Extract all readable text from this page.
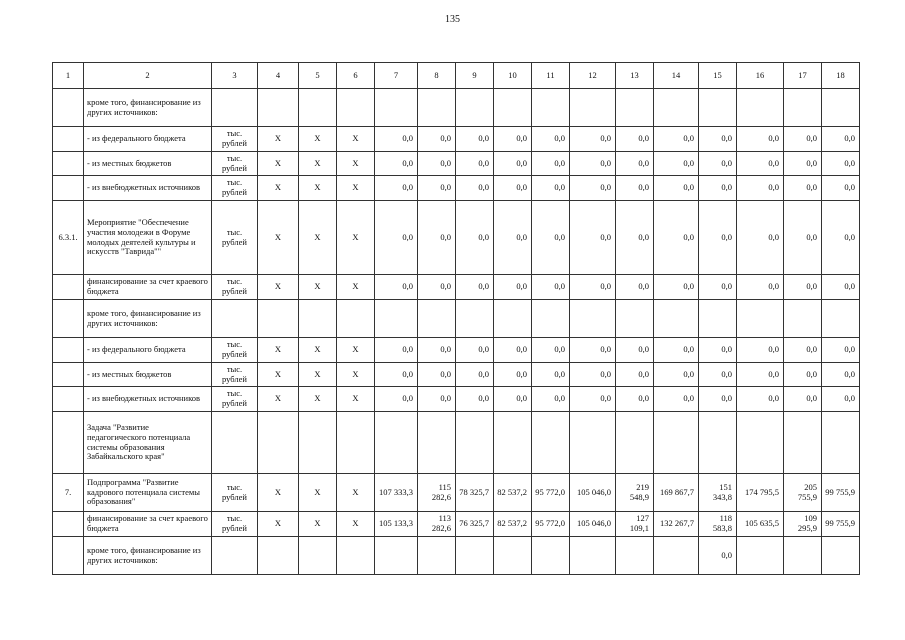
135
1	2	3	4	5	6	7	8	9	10	11	12	13	14	15	16	17	18
	кроме того, финансирование из других источников:																
	- из федерального бюджета	тыс. рублей	X	X	X	0,0	0,0	0,0	0,0	0,0	0,0	0,0	0,0	0,0	0,0	0,0	0,0
	- из местных бюджетов	тыс. рублей	X	X	X	0,0	0,0	0,0	0,0	0,0	0,0	0,0	0,0	0,0	0,0	0,0	0,0
	- из внебюджетных источников	тыс. рублей	X	X	X	0,0	0,0	0,0	0,0	0,0	0,0	0,0	0,0	0,0	0,0	0,0	0,0
6.3.1.	Мероприятие "Обеспечение участия молодежи в Форуме молодых деятелей культуры и искусств "Таврида""	тыс. рублей	X	X	X	0,0	0,0	0,0	0,0	0,0	0,0	0,0	0,0	0,0	0,0	0,0	0,0
	финансирование за счет краевого бюджета	тыс. рублей	X	X	X	0,0	0,0	0,0	0,0	0,0	0,0	0,0	0,0	0,0	0,0	0,0	0,0
	кроме того, финансирование из других источников:																
	- из федерального бюджета	тыс. рублей	X	X	X	0,0	0,0	0,0	0,0	0,0	0,0	0,0	0,0	0,0	0,0	0,0	0,0
	- из местных бюджетов	тыс. рублей	X	X	X	0,0	0,0	0,0	0,0	0,0	0,0	0,0	0,0	0,0	0,0	0,0	0,0
	- из внебюджетных источников	тыс. рублей	X	X	X	0,0	0,0	0,0	0,0	0,0	0,0	0,0	0,0	0,0	0,0	0,0	0,0
	Задача "Развитие педагогического потенциала системы образования Забайкальского края"																
7.	Подпрограмма "Развитие кадрового потенциала системы образования"	тыс. рублей	X	X	X	107 333,3	115 282,6	78 325,7	82 537,2	95 772,0	105 046,0	219 548,9	169 867,7	151 343,8	174 795,5	205 755,9	99 755,9
	финансирование за счет краевого бюджета	тыс. рублей	X	X	X	105 133,3	113 282,6	76 325,7	82 537,2	95 772,0	105 046,0	127 109,1	132 267,7	118 583,8	105 635,5	109 295,9	99 755,9
	кроме того, финансирование из других источников:													0,0			
